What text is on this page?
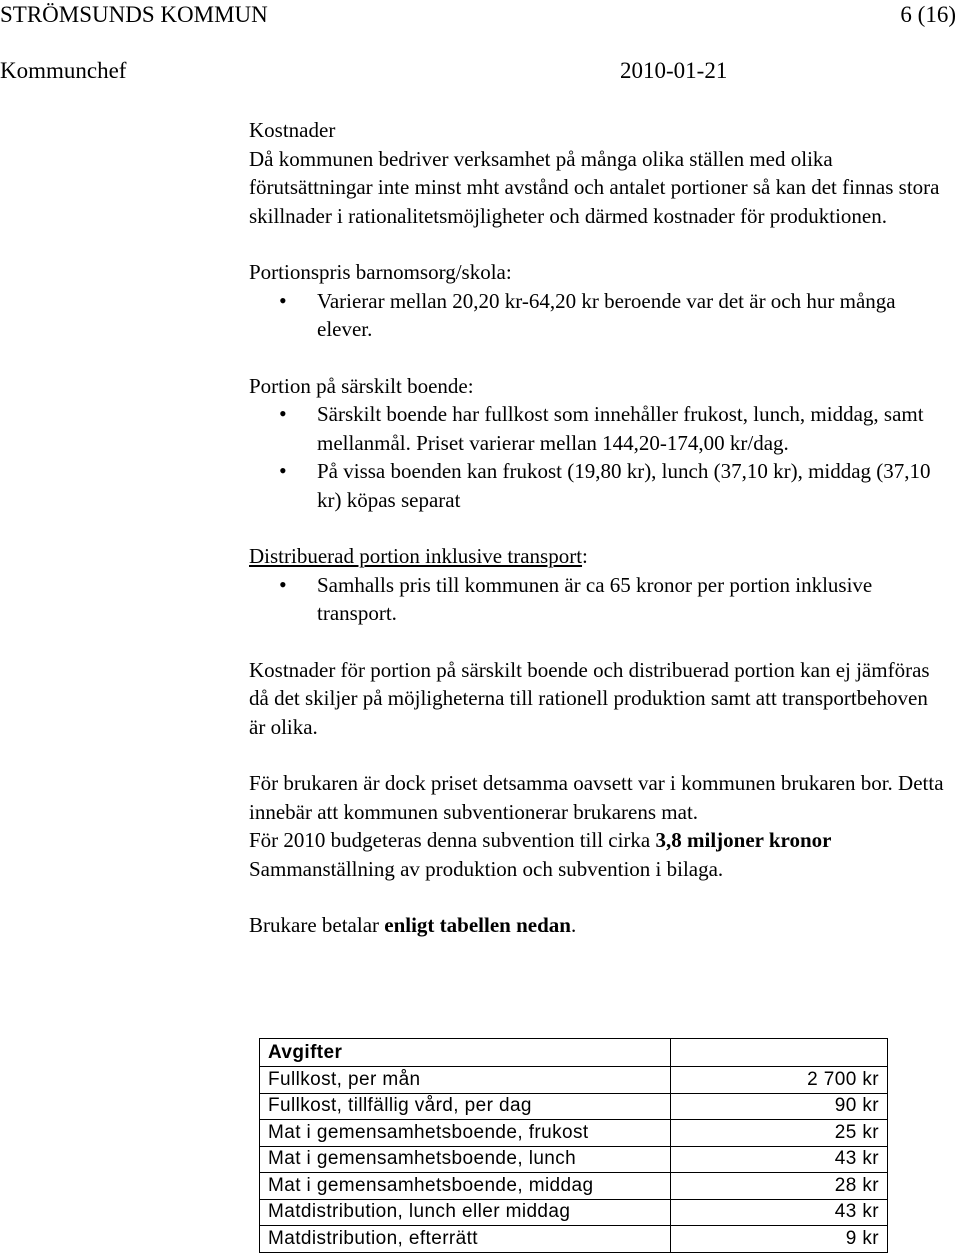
STRÖMSUNDS KOMMUN	6 (16)
Kommunchef	2010-01-21

Kostnader

Då kommunen bedriver verksamhet på många olika ställen med olika förutsättningar inte minst mht avstånd och antalet portioner så kan det finnas stora skillnader i rationalitetsmöjligheter och därmed kostnader för produktionen.

Portionspris barnomsorg/skola:

• Varierar mellan 20,20 kr-64,20 kr beroende var det är och hur många elever.

Portion på särskilt boende:

• Särskilt boende har fullkost som innehåller frukost, lunch, middag, samt mellanmål. Priset varierar mellan 144,20-174,00 kr/dag.
• På vissa boenden kan frukost (19,80 kr), lunch (37,10 kr), middag (37,10 kr) köpas separat

Distribuerad portion inklusive transport:

• Samhalls pris till kommunen är ca 65 kronor per portion inklusive transport.

Kostnader för portion på särskilt boende och distribuerad portion kan ej jämföras då det skiljer på möjligheterna till rationell produktion samt att transportbehoven är olika.

För brukaren är dock priset detsamma oavsett var i kommunen brukaren bor. Detta innebär att kommunen subventionerar brukarens mat.

För 2010 budgeteras denna subvention till cirka 3,8 miljoner kronor

Sammanställning av produktion och subvention i bilaga.

Brukare betalar enligt tabellen nedan.

Avgifter	
Fullkost, per mån	2 700 kr
Fullkost, tillfällig vård, per dag	90 kr
Mat i gemensamhetsboende, frukost	25 kr
Mat i gemensamhetsboende, lunch	43 kr
Mat i gemensamhetsboende, middag	28 kr
Matdistribution, lunch eller middag	43 kr
Matdistribution, efterrätt	9 kr
